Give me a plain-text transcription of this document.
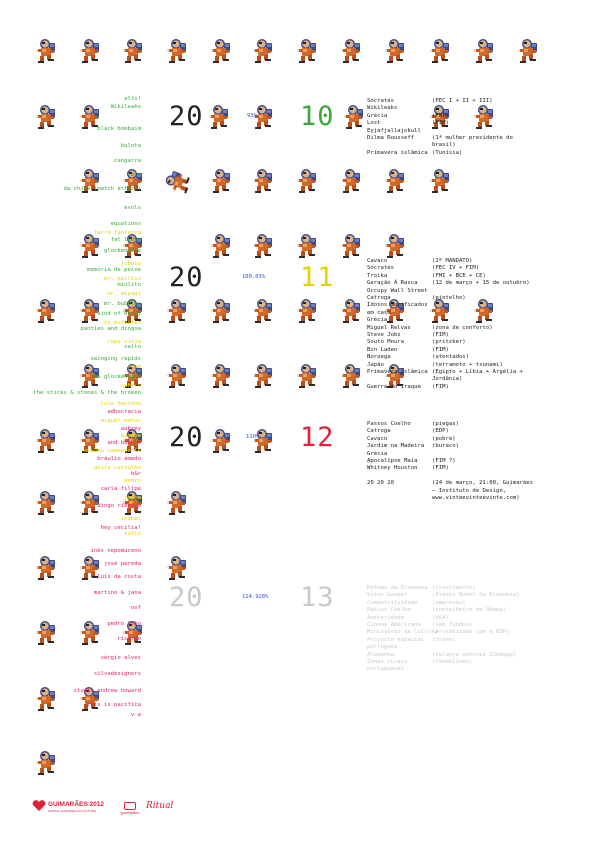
20	10
93%
20	11
100.03%
20	12
110%
20	13
114.928%
Sócrates	(PEC I + II + III)
Wikileaks
Grécia	(FMI)
Lost	(FIM)
Eyjafjallajokull
Dilma Rousseff	(1ª mulher presidente do
brasil)
Primavera islâmica (Tunísia)
Cavaco	(2º MANDATO)
Sócrates	(PEC IV + FIM)
Troika	(FMI + BCE + CE)
Geração À Rasca	(12 de março + 15 de outubro)
Occupy Wall Street
Catroga	(pintelho)
Idosos mumificados
em casa
Grécia
Miguel Relvas	(zona de conforto)
Steve Jobs	(FIM)
Souto Moura	(pritzker)
Bin Laden	(FIM)
Noruega	(atentados)
Japão	(terramoto + tsunami)
Primavera islâmica (Egipto + Líbia + Argélia +
Jordânia)
Guerra do Iraque (FIM)
Passos Coelho	(piegas)
Catroga	(EDP)
Cavaco	(pobre)
Jardim na Madeira (buraco)
Grécia
Apocalipse Maia	(FIM ?)
Whitney Houston	(FIM)
20 20 20	(24 de março, 21:00, Guimarães
– Instituto de Design,
www.vinteevinteevinte.com)
Retoma da Economia (crescimento)
Vítor Gaspar	(Prémio Nobel da Economia)
Competitividade	(empresas)
Passos Coelho	(conselheiro de Obama)
Austeridade	(USA)
Cinema Americano (sem fundos)
Ministério da Cultura
(privatizado com a EDP)
Projecto espacial (Urano)
português
Alemanha	(relança motores Zündapp)
Zonas rurais	(feudalismo)
portuguesas
alto!
Wikileaks
black bombaim
bulota
cangarra
cats
da chick (match attack)
evols
equations
farra fanfarra
fat ladyy
glockenwise
jibóia
memória de peixe
mr. gallini
miolito
mr. miyagi
mr. bubbles
kind of bunny
os mutantes
panties and dingoa
ropa vieja
salto
swinging rapids
tame
the glockenwise
sphere
the sticks & stones & the broken
lula hantene
adhocracia
miguel matos
aubrey
bardas
and bubble
amadeu campodonte
bráulio amado
anita carvalho
b&r
pedro
carla filipe
joana
dingo ribeiro
isabel
hey cecília!
tutto
inês nepomuceno
josé pereda
luís da costa
martino & jana
oof
pedro lobo
ricardo
sérgio alves
silvadesigners
studio andrew howard
this is pacifica
v-a
GUIMARÃES 2012
CAPITAL EUROPEIA DA CULTURA	guimarães
Ritual
